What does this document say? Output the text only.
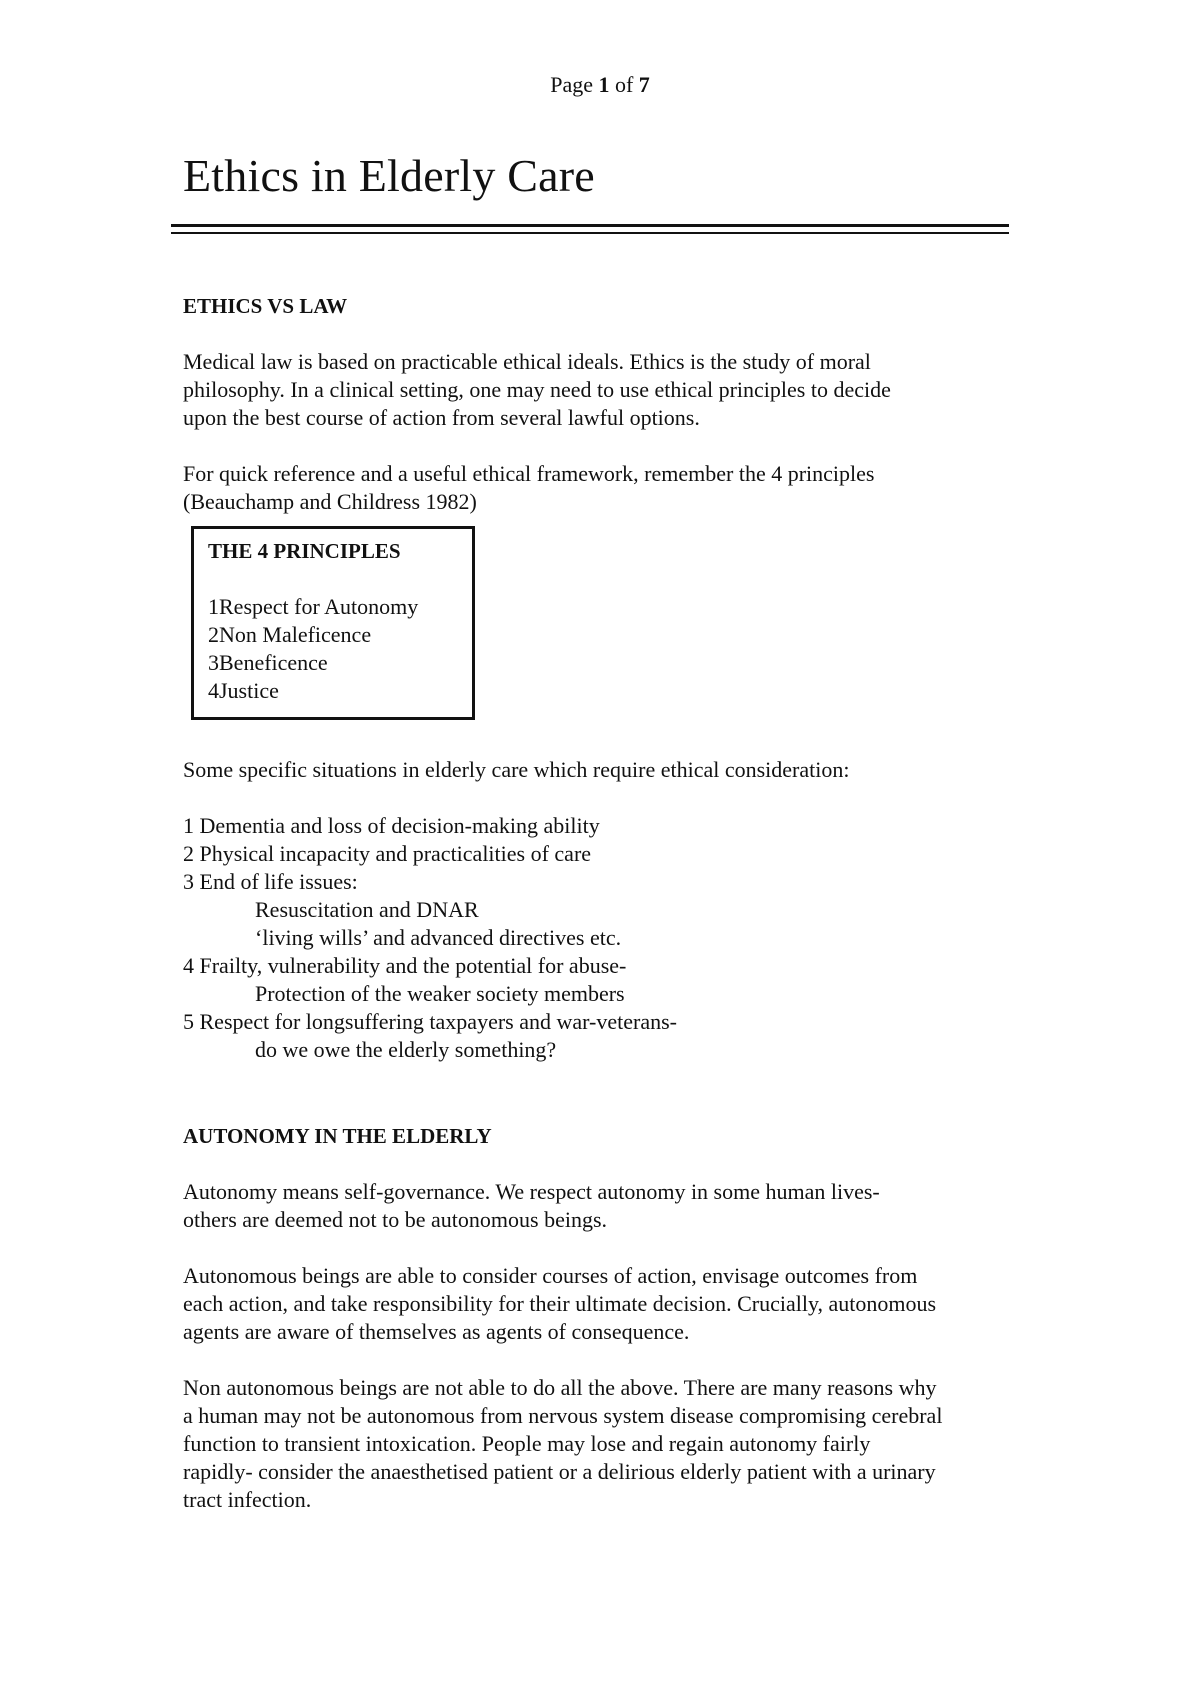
Page 1 of 7
Ethics in Elderly Care

ETHICS VS LAW

Medical law is based on practicable ethical ideals. Ethics is the study of moral
philosophy. In a clinical setting, one may need to use ethical principles to decide
upon the best course of action from several lawful options.
For quick reference and a useful ethical framework, remember the 4 principles
(Beauchamp and Childress 1982)
THE 4 PRINCIPLES
1Respect for Autonomy
2Non Maleficence
3Beneficence
4Justice

Some specific situations in elderly care which require ethical consideration:

1 Dementia and loss of decision-making ability
2 Physical incapacity and practicalities of care
3 End of life issues:
Resuscitation and DNAR
‘living wills’ and advanced directives etc.
4 Frailty, vulnerability and the potential for abuse-
Protection of the weaker society members
5 Respect for longsuffering taxpayers and war-veterans-
do we owe the elderly something?

AUTONOMY IN THE ELDERLY

Autonomy means self-governance. We respect autonomy in some human lives-
others are deemed not to be autonomous beings.
Autonomous beings are able to consider courses of action, envisage outcomes from
each action, and take responsibility for their ultimate decision. Crucially, autonomous
agents are aware of themselves as agents of consequence.
Non autonomous beings are not able to do all the above. There are many reasons why
a human may not be autonomous from nervous system disease compromising cerebral
function to transient intoxication. People may lose and regain autonomy fairly
rapidly- consider the anaesthetised patient or a delirious elderly patient with a urinary
tract infection.
